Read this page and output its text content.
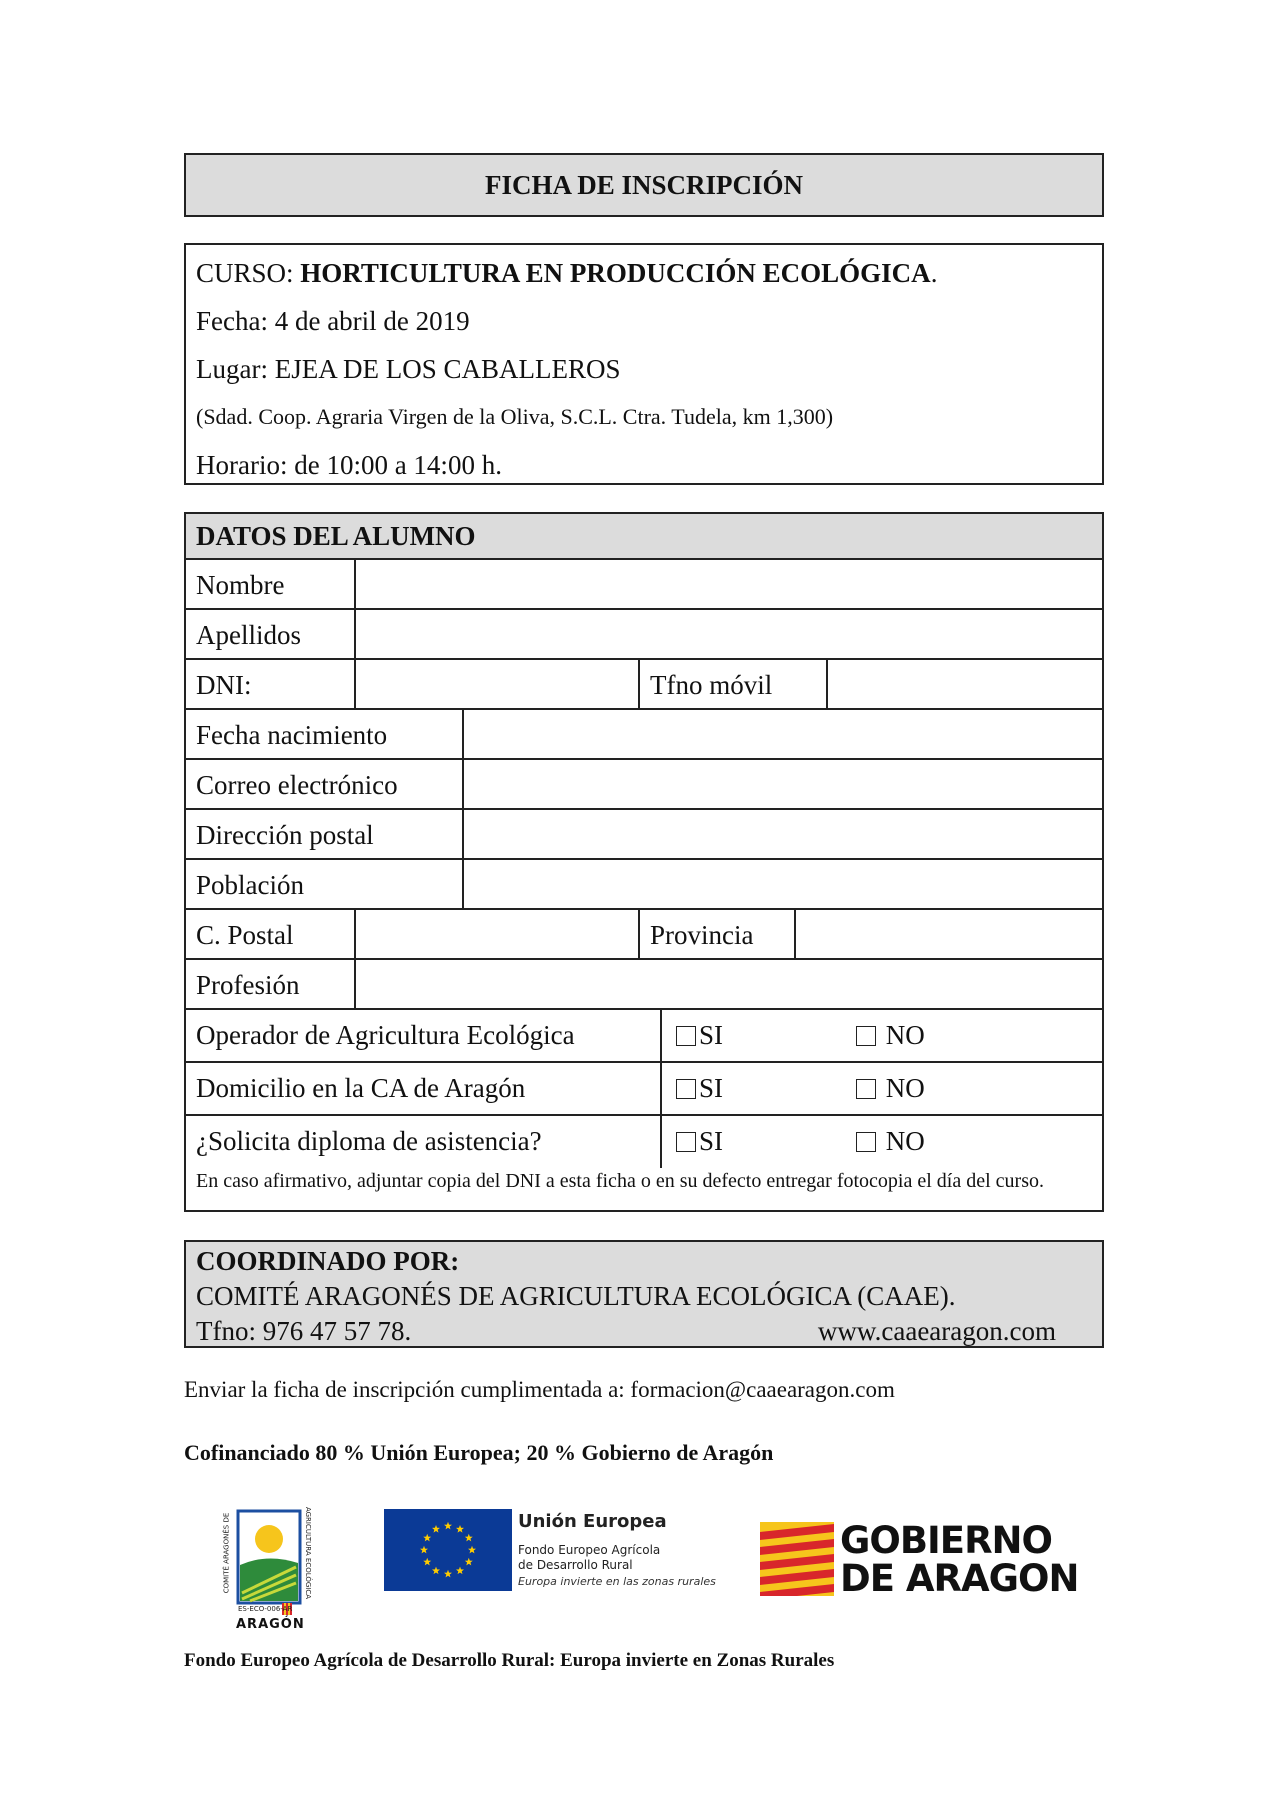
FICHA DE INSCRIPCIÓN
CURSO: HORTICULTURA EN PRODUCCIÓN ECOLÓGICA.
Fecha: 4 de abril de 2019
Lugar: EJEA DE LOS CABALLEROS
(Sdad. Coop. Agraria Virgen de la Oliva, S.C.L. Ctra. Tudela, km 1,300)
Horario: de 10:00 a 14:00 h.
DATOS DEL ALUMNO
Nombre
Apellidos
DNI:	Tfno móvil
Fecha nacimiento
Correo electrónico
Dirección postal
Población
C. Postal	Provincia
Profesión
Operador de Agricultura Ecológica	SI	NO
Domicilio en la CA de Aragón	SI	NO
¿Solicita diploma de asistencia?	SI	NO
En caso afirmativo, adjuntar copia del DNI a esta ficha o en su defecto entregar fotocopia el día del curso.
COORDINADO POR:
COMITÉ ARAGONÉS DE AGRICULTURA ECOLÓGICA (CAAE).
Tfno: 976 47 57 78.	www.caaearagon.com
Enviar la ficha de inscripción cumplimentada a: formacion@caaearagon.com
Cofinanciado 80 % Unión Europea; 20 % Gobierno de Aragón
COMITÉ ARAGONÉS DE	AGRICULTURA ECOLÓGICA
ES-ECO-006-AR
ARAGÓN
Unión Europea
Fondo Europeo Agrícola
de Desarrollo Rural
Europa invierte en las zonas rurales
GOBIERNO
DE ARAGON
Fondo Europeo Agrícola de Desarrollo Rural: Europa invierte en Zonas Rurales
